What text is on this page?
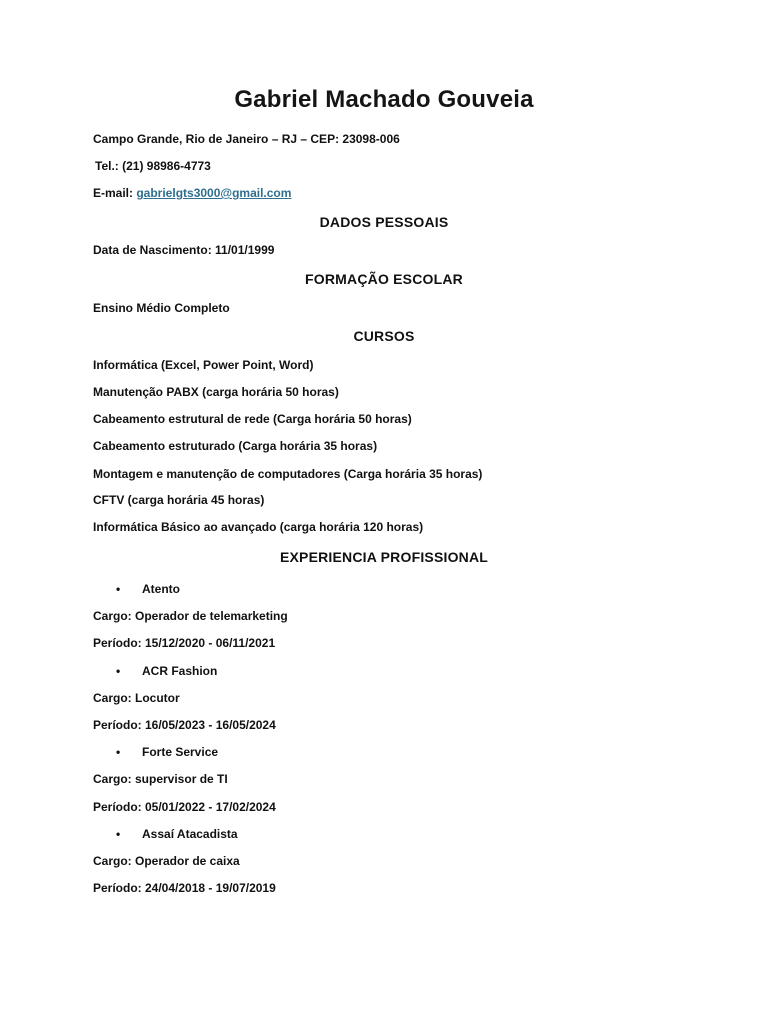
Gabriel Machado Gouveia
Campo Grande, Rio de Janeiro – RJ – CEP: 23098-006
Tel.: (21) 98986-4773
E-mail: gabrielgts3000@gmail.com
DADOS PESSOAIS
Data de Nascimento: 11/01/1999
FORMAÇÃO ESCOLAR
Ensino Médio Completo
CURSOS
Informática (Excel, Power Point, Word)
Manutenção PABX (carga horária 50 horas)
Cabeamento estrutural de rede (Carga horária 50 horas)
Cabeamento estruturado (Carga horária 35 horas)
Montagem e manutenção de computadores (Carga horária 35 horas)
CFTV (carga horária 45 horas)
Informática Básico ao avançado (carga horária 120 horas)
EXPERIENCIA PROFISSIONAL
• Atento
Cargo: Operador de telemarketing
Período: 15/12/2020 - 06/11/2021
• ACR Fashion
Cargo: Locutor
Período: 16/05/2023 - 16/05/2024
• Forte Service
Cargo: supervisor de TI
Período: 05/01/2022 - 17/02/2024
• Assaí Atacadista
Cargo: Operador de caixa
Período: 24/04/2018 - 19/07/2019
